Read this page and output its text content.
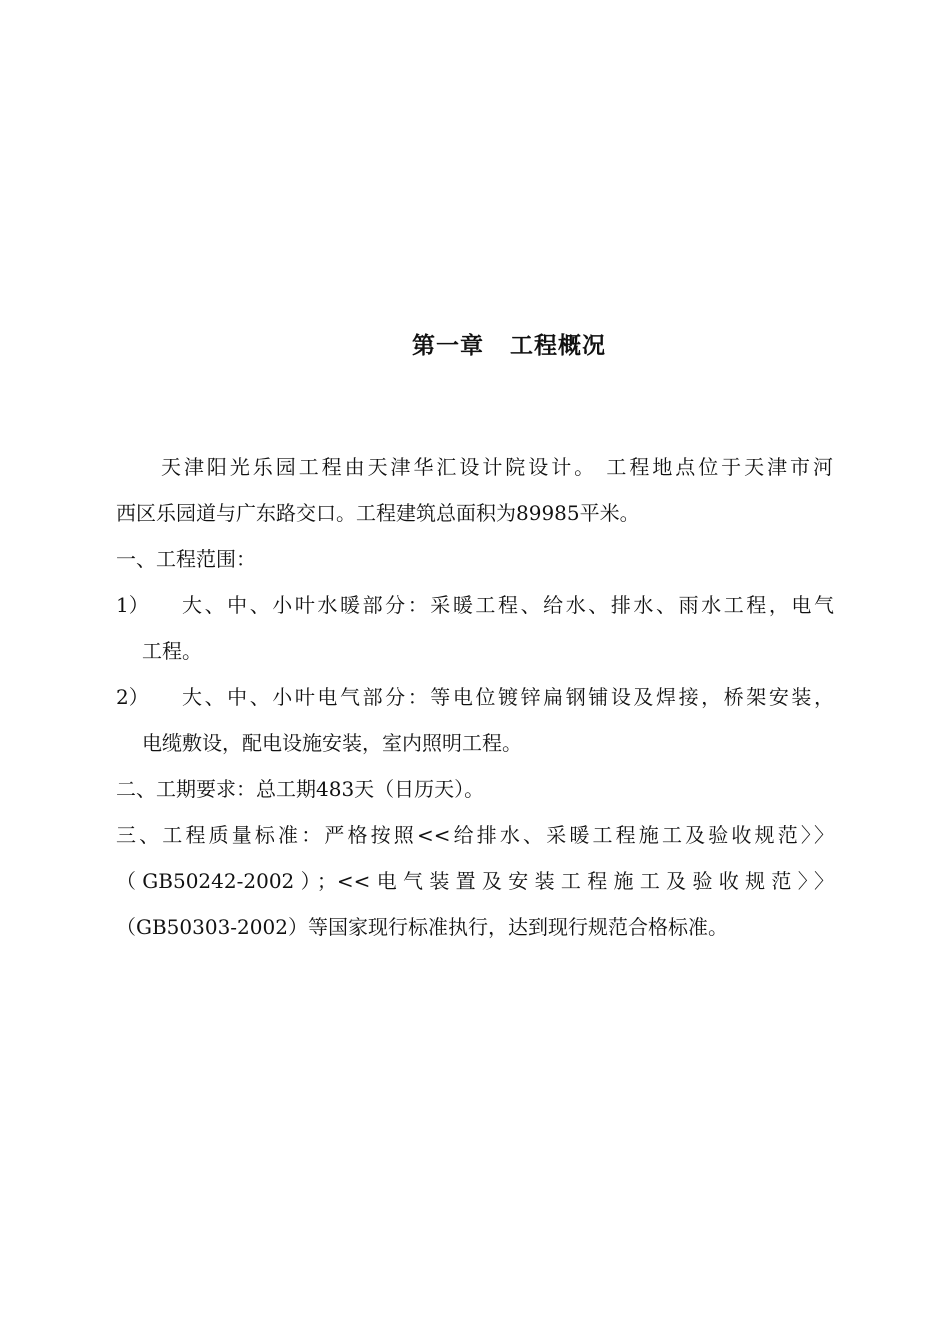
第一章 工程概况
天津阳光乐园工程由天津华汇设计院设计。 工程地点位于天津市河
西区乐园道与广东路交口。工程建筑总面积为89985平米。
一、工程范围：
1） 大、中、小叶水暖部分：采暖工程、给水、排水、雨水工程，电气
工程。
2） 大、中、小叶电气部分：等电位镀锌扁钢铺设及焊接，桥架安装，
电缆敷设，配电设施安装，室内照明工程。
二、工期要求：总工期483天（日历天）。
三、工程质量标准：严格按照<<给排水、采暖工程施工及验收规范〉〉
（GB50242-2002）；<<电气装置及安装工程施工及验收规范〉〉
（GB50303-2002）等国家现行标准执行，达到现行规范合格标准。
